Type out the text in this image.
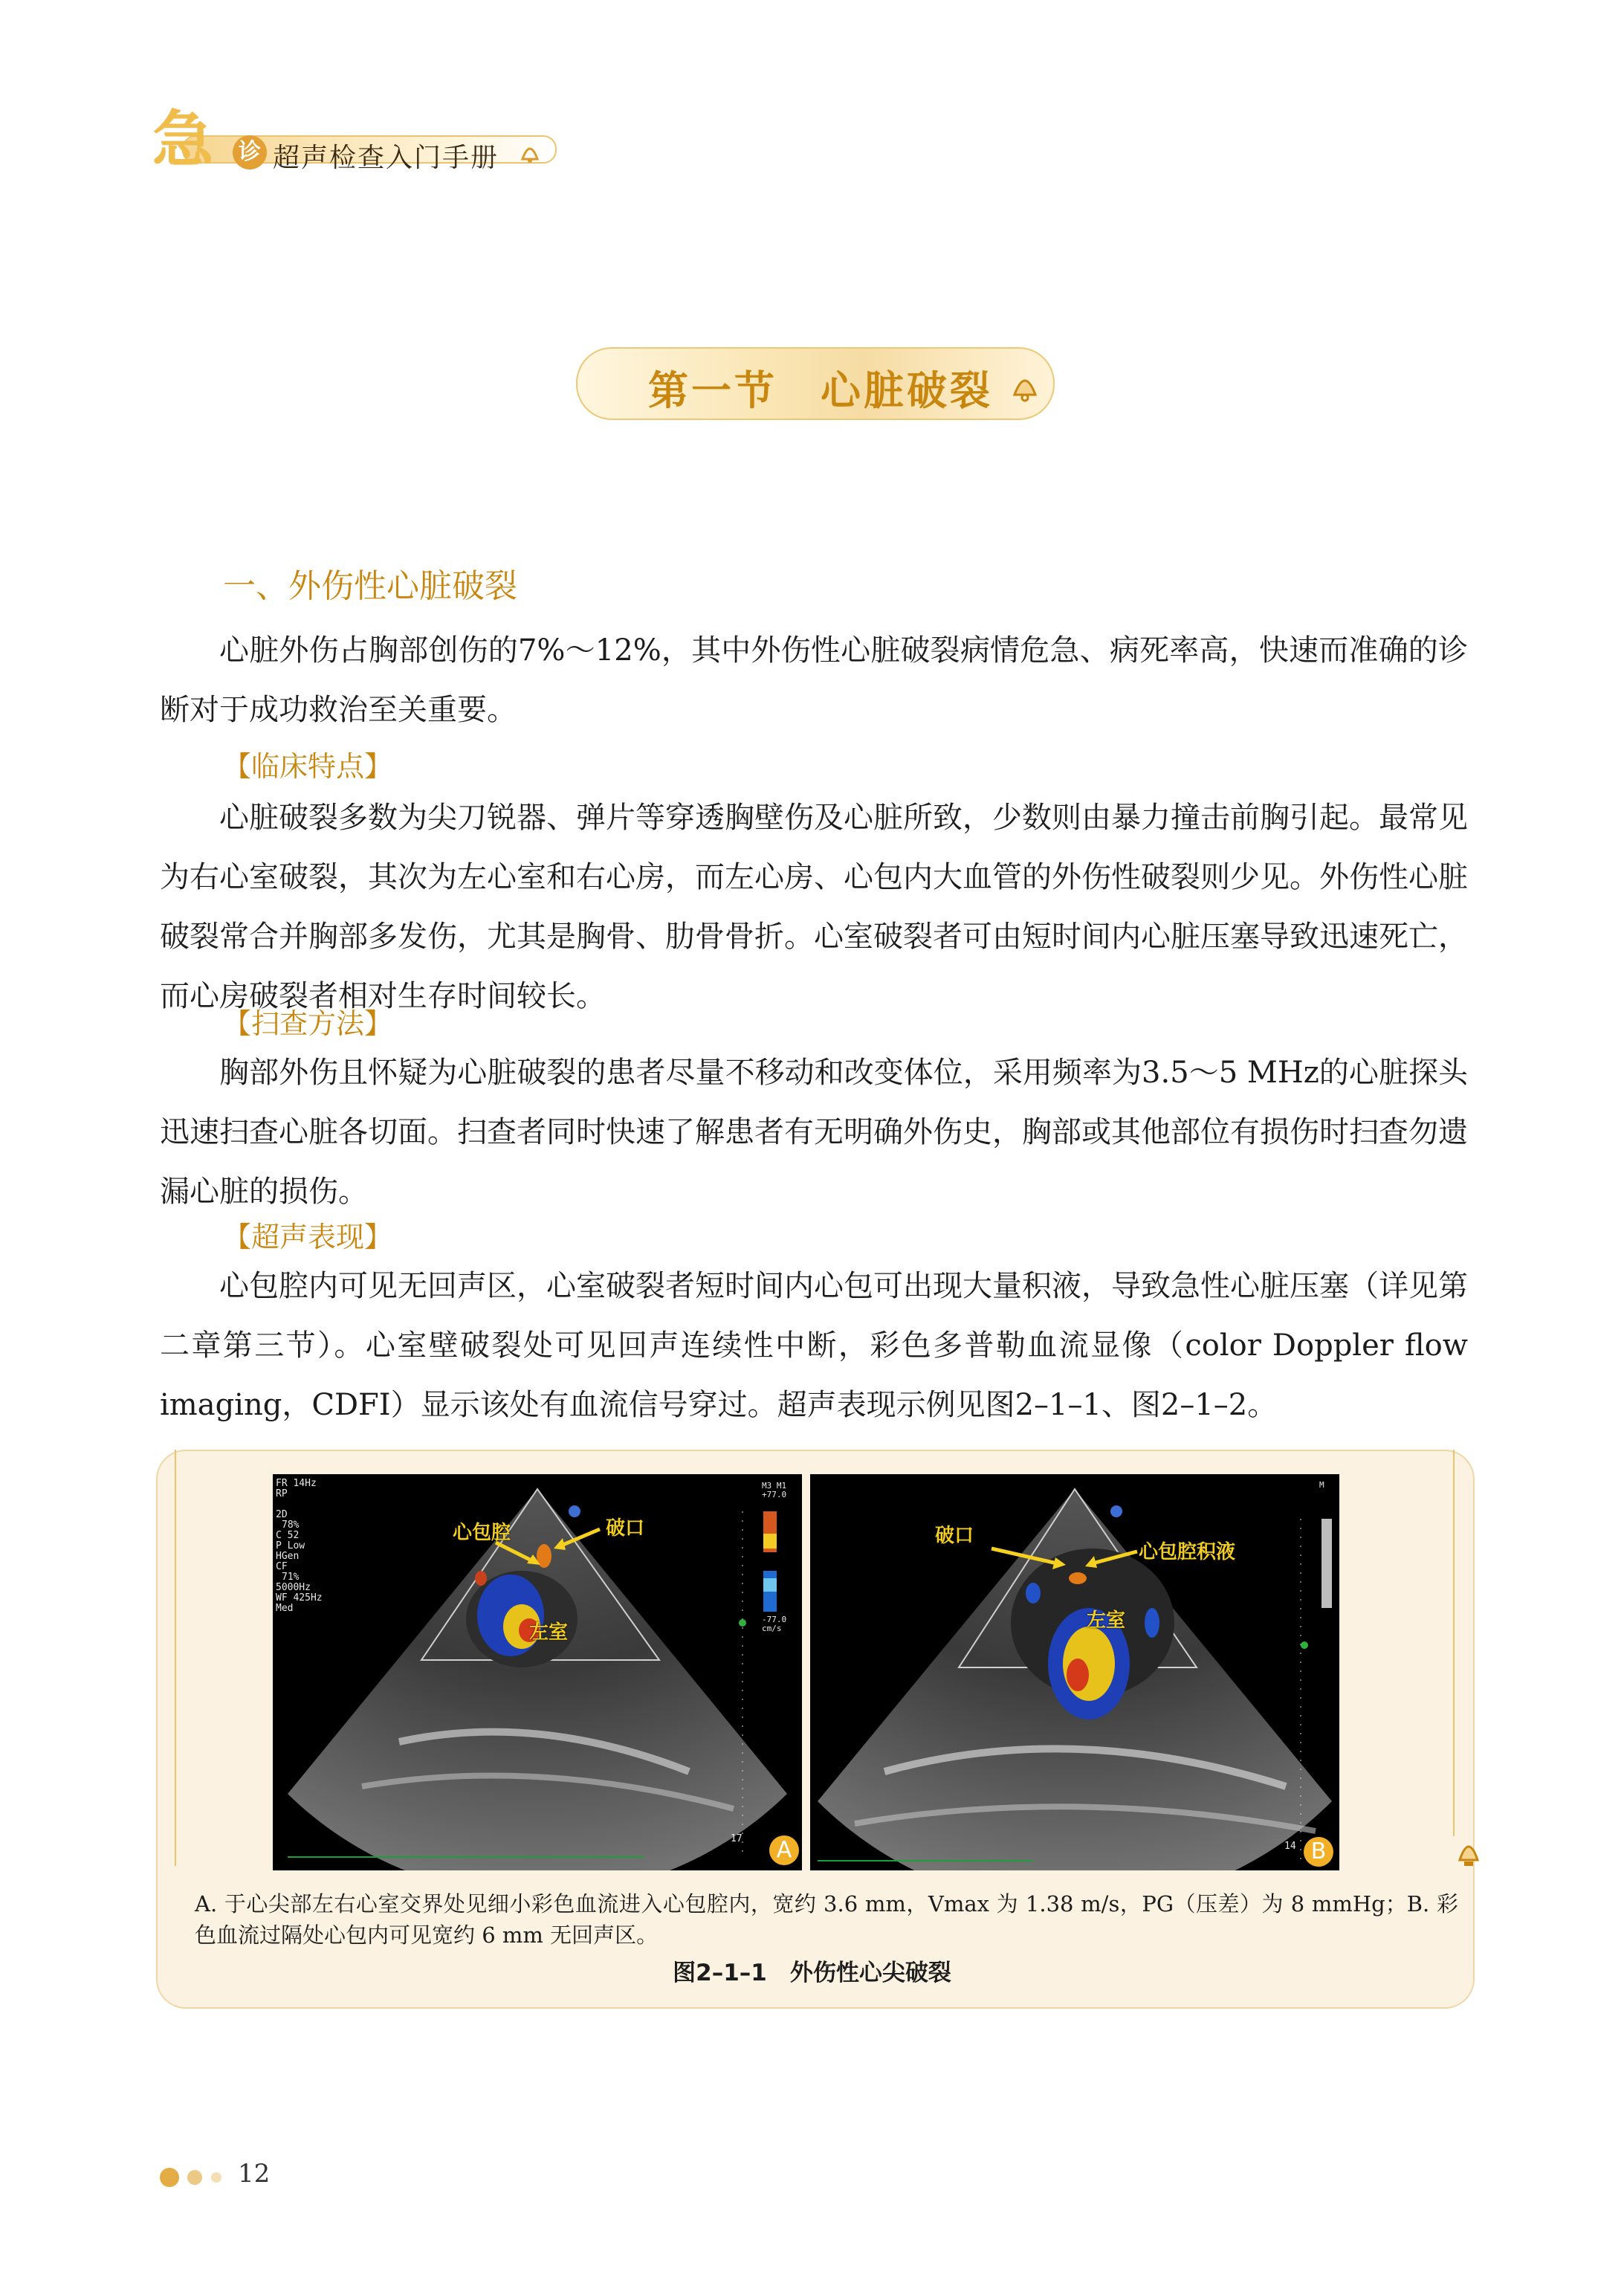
急 诊 超声检查入门手册
第一节　心脏破裂
一、外伤性心脏破裂
心脏外伤占胸部创伤的7%～12%，其中外伤性心脏破裂病情危急、病死率高，快速而准确的诊断对于成功救治至关重要。
【临床特点】
心脏破裂多数为尖刀锐器、弹片等穿透胸壁伤及心脏所致，少数则由暴力撞击前胸引起。最常见为右心室破裂，其次为左心室和右心房，而左心房、心包内大血管的外伤性破裂则少见。外伤性心脏破裂常合并胸部多发伤，尤其是胸骨、肋骨骨折。心室破裂者可由短时间内心脏压塞导致迅速死亡，而心房破裂者相对生存时间较长。
【扫查方法】
胸部外伤且怀疑为心脏破裂的患者尽量不移动和改变体位，采用频率为3.5～5 MHz的心脏探头迅速扫查心脏各切面。扫查者同时快速了解患者有无明确外伤史，胸部或其他部位有损伤时扫查勿遗漏心脏的损伤。
【超声表现】
心包腔内可见无回声区，心室破裂者短时间内心包可出现大量积液，导致急性心脏压塞（详见第二章第三节）。心室壁破裂处可见回声连续性中断，彩色多普勒血流显像（color Doppler flow imaging，CDFI）显示该处有血流信号穿过。超声表现示例见图2–1–1、图2–1–2。
FR 14Hz
RP
2D
78%
C 52
P Low
HGen
CF
71%
5000Hz
WF 425Hz
Med
M3 M1
+77.0
-77.0
cm/s
17
心包腔	破口
左室
A
M
14
破口
心包腔积液
左室
B
A. 于心尖部左右心室交界处见细小彩色血流进入心包腔内，宽约 3.6 mm，Vmax 为 1.38 m/s，PG（压差）为 8 mmHg；B. 彩色血流过隔处心包内可见宽约 6 mm 无回声区。
图2–1–1　外伤性心尖破裂
12
